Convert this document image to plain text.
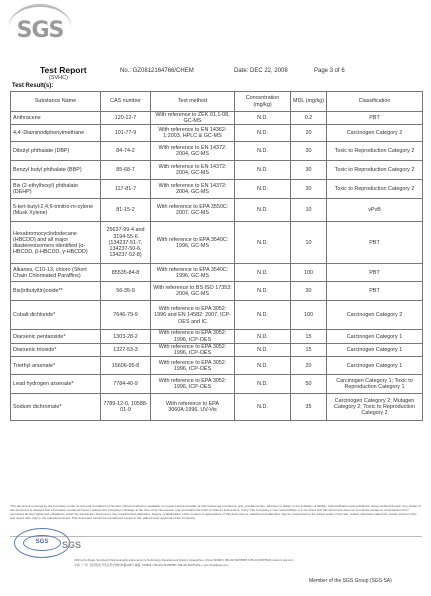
SGS
Test Report
(SVHC)
No.: GZ0812164766/CHEM	Date: DEC 22, 2008	Page 3 of 6
Test Result(s):
Substance Name	CAS number	Test method	Concentration (mg/kg)	MDL (mg/kg)	Classification
Anthracene	120-12-7	With reference to ZEK 01.1-08, GC-MS	N.D.	0.2	PBT
4,4'-Diaminodiphenylmethane	101-77-9	With reference to EN 14362-1:2003, HPLC & GC-MS	N.D.	20	Carcinogen Category 2
Dibutyl phthalate (DBP)	84-74-2	With reference to EN 14372: 2004, GC-MS	N.D.	30	Toxic to Reproduction Category 2
Benzyl butyl phthalate (BBP)	85-68-7	With reference to EN 14372: 2004, GC-MS	N.D.	30	Toxic to Reproduction Category 2
Bis (2-ethylhexyl) phthalate (DEHP)	117-81-7	With reference to EN 14372: 2004, GC-MS	N.D.	30	Toxic to Reproduction Category 2
5-tert-butyl-2,4,6-trinitro-m-xylene (Musk Xylene)	81-15-2	With reference to EPA 3550C: 2007, GC-MS	N.D.	10	vPvB
Hexabromocyclododecane (HBCDD) and all major diastereoisomers identified (α-HBCDD, β-HBCDD, γ-HBCDD)	25637-99-4 and 3194-55-6 (134237-51-7, 134237-50-6, 134237-52-8)	With reference to EPA 3540C: 1996, GC-MS	N.D.	10	PBT
Alkanes, C10-13, chloro (Short Chain Chlorinated Paraffins)	85535-84-8	With reference to EPA 3540C: 1996, GC-MS	N.D.	100	PBT
Bis(tributyltin)oxide**	56-35-9	With reference to BS ISO 17353: 2004, GC-MS	N.D.	30	PBT
Cobalt dichloride*	7646-79-9	With reference to EPA 3052: 1996 and EN 14582: 2007, ICP-OES and IC	N.D.	100	Carcinogen Category 2
Diarsenic pentaoxide*	1303-28-2	With reference to EPA 3052: 1996, ICP-OES	N.D.	15	Carcinogen Category 1
Diarsenic trioxide*	1327-53-3	With reference to EPA 3052: 1996, ICP-OES	N.D.	15	Carcinogen Category 1
Triethyl arsenate*	15606-95-8	With reference to EPA 3052: 1996, ICP-OES	N.D.	20	Carcinogen Category 1
Lead hydrogen arsenate*	7784-40-9	With reference to EPA 3052: 1996, ICP-OES	N.D.	50	Carcinogen Category 1; Toxic to Reproduction Category 1
Sodium dichromate*	7789-12-0, 10588-01-9	With reference to EPA 3060A:1996, UV-Vis	N.D.	35	Carcinogen Category 2; Mutagen Category 2; Toxic to Reproduction Category 2
This document is issued by the Company under its General Conditions of Service printed overleaf or available on request and accessible at http://www.sgs.com/terms_and_conditions.htm. Attention is drawn to the limitation of liability, indemnification and jurisdiction issues defined therein. Any holder of this document is advised that information contained hereon reflects the Company's findings at the time of its intervention only and within the limits of Client's instructions, if any. The Company's sole responsibility is to its Client and this document does not exonerate parties to a transaction from exercising all their rights and obligations under the transaction documents. Any unauthorized alteration, forgery or falsification of the content or appearance of this document is unlawful and offenders may be prosecuted to the fullest extent of the law. Unless otherwise stated the results shown in this test report refer only to the sample(s) tested. This document cannot be reproduced except in full, without prior approval of the Company.
SGS	SGS
198 Kezhu Road, Scientech Park Guangzhou Economic & Technology Development District, Guangzhou, China 510663 t (86-20) 82155555 f (86-20) 82075191 www.cn.sgs.com
中国 · 广州 · 经济技术开发区科学城科珠路198号 邮编: 510663 t (86-20) 82155555 f (86-20) 82075191 e sgs.china@sgs.com
Member of the SGS Group (SGS SA)
